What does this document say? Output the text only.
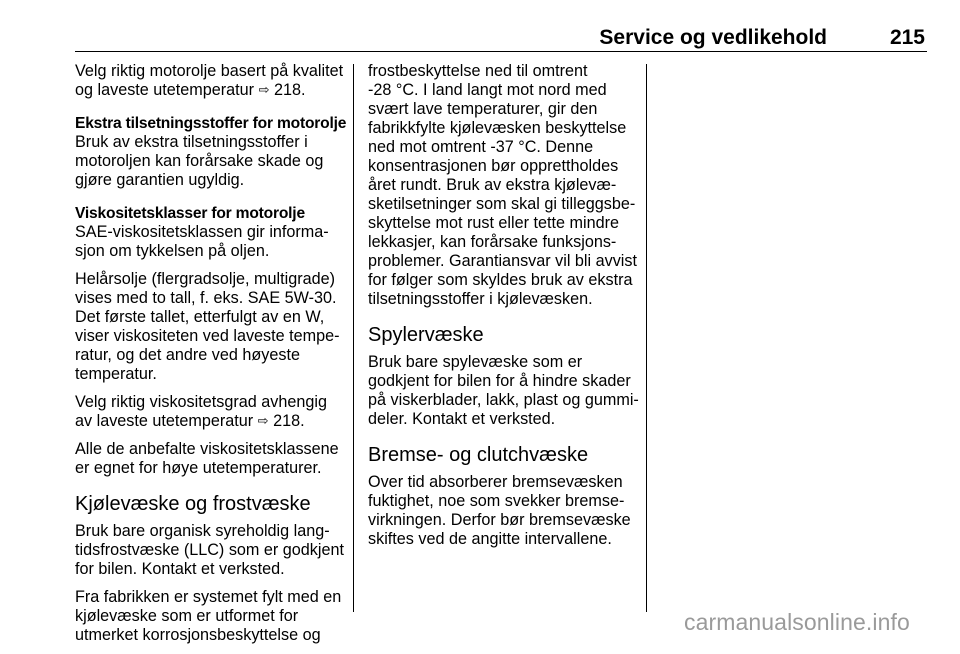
Service og vedlikehold	215
Velg riktig motorolje basert på kvalitet
og laveste utetemperatur ⇨ 218.
Ekstra tilsetningsstoffer for motorolje
Bruk av ekstra tilsetningsstoffer i
motoroljen kan forårsake skade og
gjøre garantien ugyldig.
Viskositetsklasser for motorolje
SAE-viskositetsklassen gir informa-
sjon om tykkelsen på oljen.
Helårsolje (flergradsolje, multigrade)
vises med to tall, f. eks. SAE 5W-30.
Det første tallet, etterfulgt av en W,
viser viskositeten ved laveste tempe-
ratur, og det andre ved høyeste
temperatur.
Velg riktig viskositetsgrad avhengig
av laveste utetemperatur ⇨ 218.
Alle de anbefalte viskositetsklassene
er egnet for høye utetemperaturer.
Kjølevæske og frostvæske
Bruk bare organisk syreholdig lang-
tidsfrostvæske (LLC) som er godkjent
for bilen. Kontakt et verksted.
Fra fabrikken er systemet fylt med en
kjølevæske som er utformet for
utmerket korrosjonsbeskyttelse og
frostbeskyttelse ned til omtrent
-28 °C. I land langt mot nord med
svært lave temperaturer, gir den
fabrikkfylte kjølevæsken beskyttelse
ned mot omtrent -37 °C. Denne
konsentrasjonen bør opprettholdes
året rundt. Bruk av ekstra kjølevæ-
sketilsetninger som skal gi tilleggsbe-
skyttelse mot rust eller tette mindre
lekkasjer, kan forårsake funksjons-
problemer. Garantiansvar vil bli avvist
for følger som skyldes bruk av ekstra
tilsetningsstoffer i kjølevæsken.
Spylervæske
Bruk bare spylevæske som er
godkjent for bilen for å hindre skader
på viskerblader, lakk, plast og gummi-
deler. Kontakt et verksted.
Bremse- og clutchvæske
Over tid absorberer bremsevæsken
fuktighet, noe som svekker bremse-
virkningen. Derfor bør bremsevæske
skiftes ved de angitte intervallene.
carmanualsonline.info
